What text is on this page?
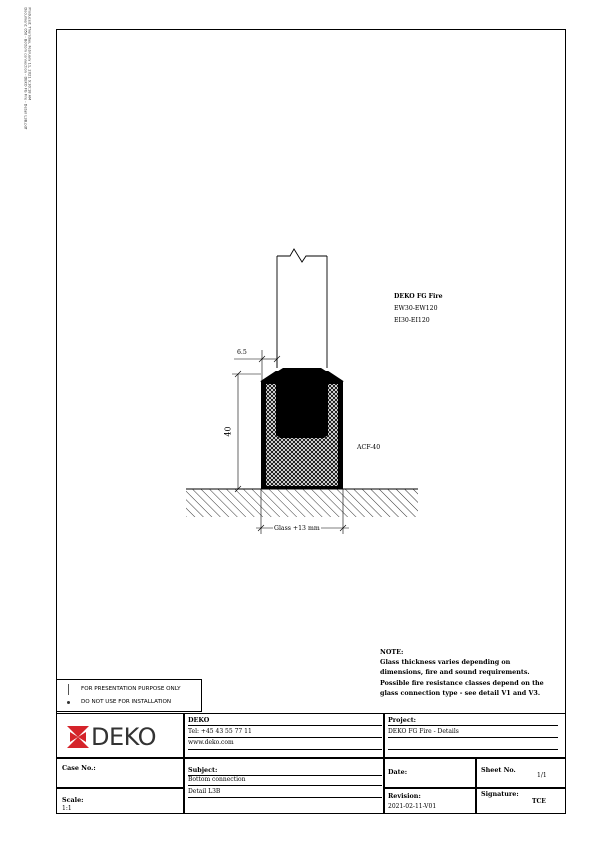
Produced: Thursday, February 11, 2021 9:30:18 AM
Document: 050 - Bottom connection - DEKO FG Fire - Detail L3B.pdf
DEKO FG Fire
EW30-EW120
EI30-EI120
6.5
40
ACF-40
Glass +13 mm
NOTE:
Glass thickness varies depending on
dimensions, fire and sound requirements.
Possible fire resistance classes depend on the
glass connection type - see detail V1 and V3.
FOR PRESENTATION PURPOSE ONLY
DO NOT USE FOR INSTALLATION
DEKO
DEKO
Tel: +45 43 55 77 11
www.deko.com
Project:
DEKO FG Fire - Details
Case No.:	Subject:
Bottom connection
Detail L3B
Date:	Sheet No.
1/1
Scale:
1:1
Revision:
2021-02-11-V01
Signature:
TCE
